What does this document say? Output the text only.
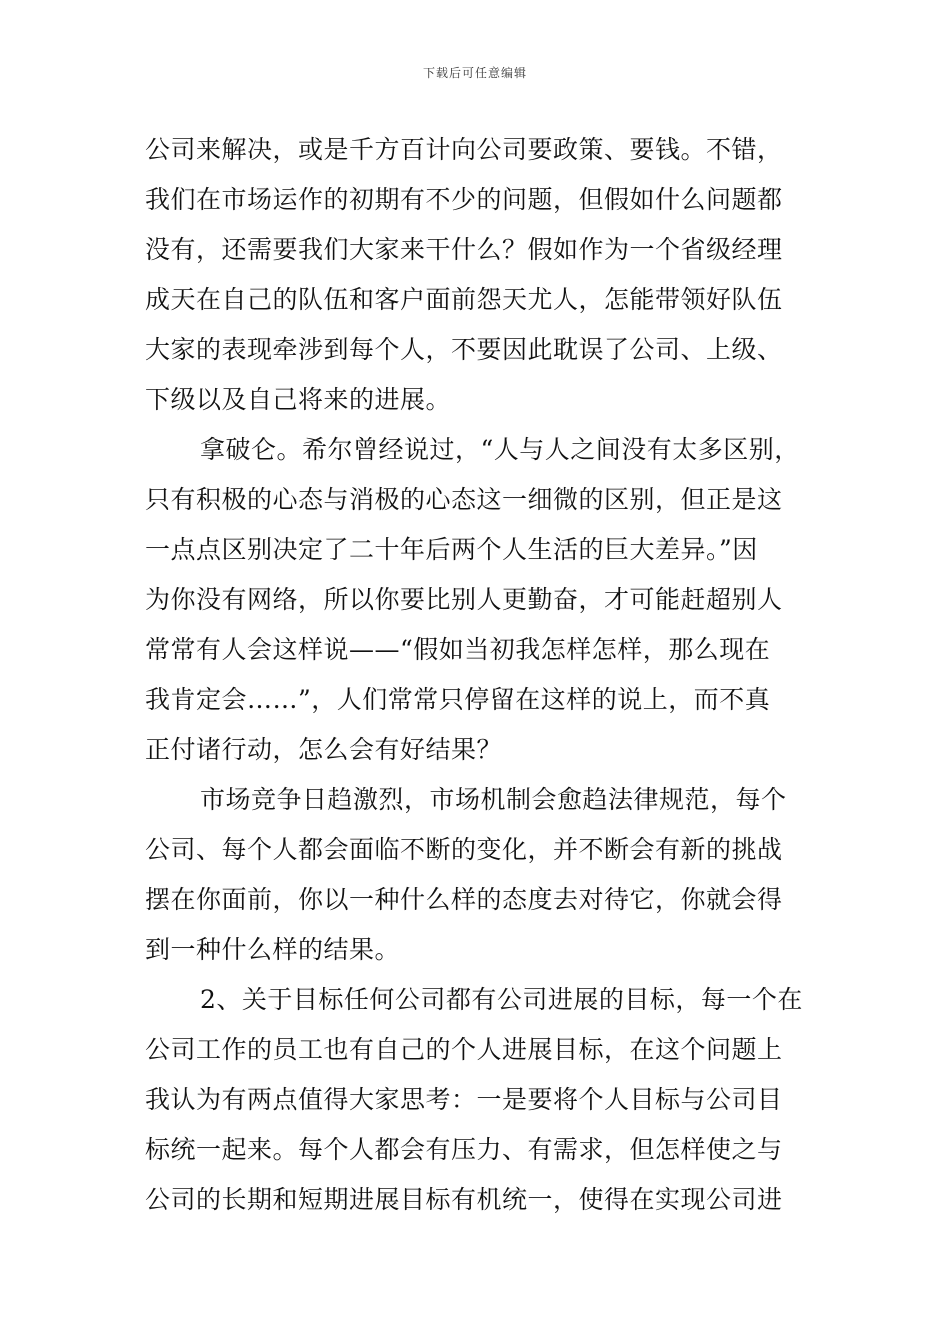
下载后可任意编辑
公司来解决，或是千方百计向公司要政策、要钱。不错，
我们在市场运作的初期有不少的问题，但假如什么问题都
没有，还需要我们大家来干什么？假如作为一个省级经理
成天在自己的队伍和客户面前怨天尤人，怎能带领好队伍
大家的表现牵涉到每个人，不要因此耽误了公司、上级、
下级以及自己将来的进展。
拿破仑。希尔曾经说过，“人与人之间没有太多区别，
只有积极的心态与消极的心态这一细微的区别，但正是这
一点点区别决定了二十年后两个人生活的巨大差异。”因
为你没有网络，所以你要比别人更勤奋，才可能赶超别人
常常有人会这样说——“假如当初我怎样怎样，那么现在
我肯定会……”，人们常常只停留在这样的说上，而不真
正付诸行动，怎么会有好结果？
市场竞争日趋激烈，市场机制会愈趋法律规范，每个
公司、每个人都会面临不断的变化，并不断会有新的挑战
摆在你面前，你以一种什么样的态度去对待它，你就会得
到一种什么样的结果。
2、关于目标任何公司都有公司进展的目标，每一个在
公司工作的员工也有自己的个人进展目标，在这个问题上
我认为有两点值得大家思考：一是要将个人目标与公司目
标统一起来。每个人都会有压力、有需求，但怎样使之与
公司的长期和短期进展目标有机统一，使得在实现公司进
